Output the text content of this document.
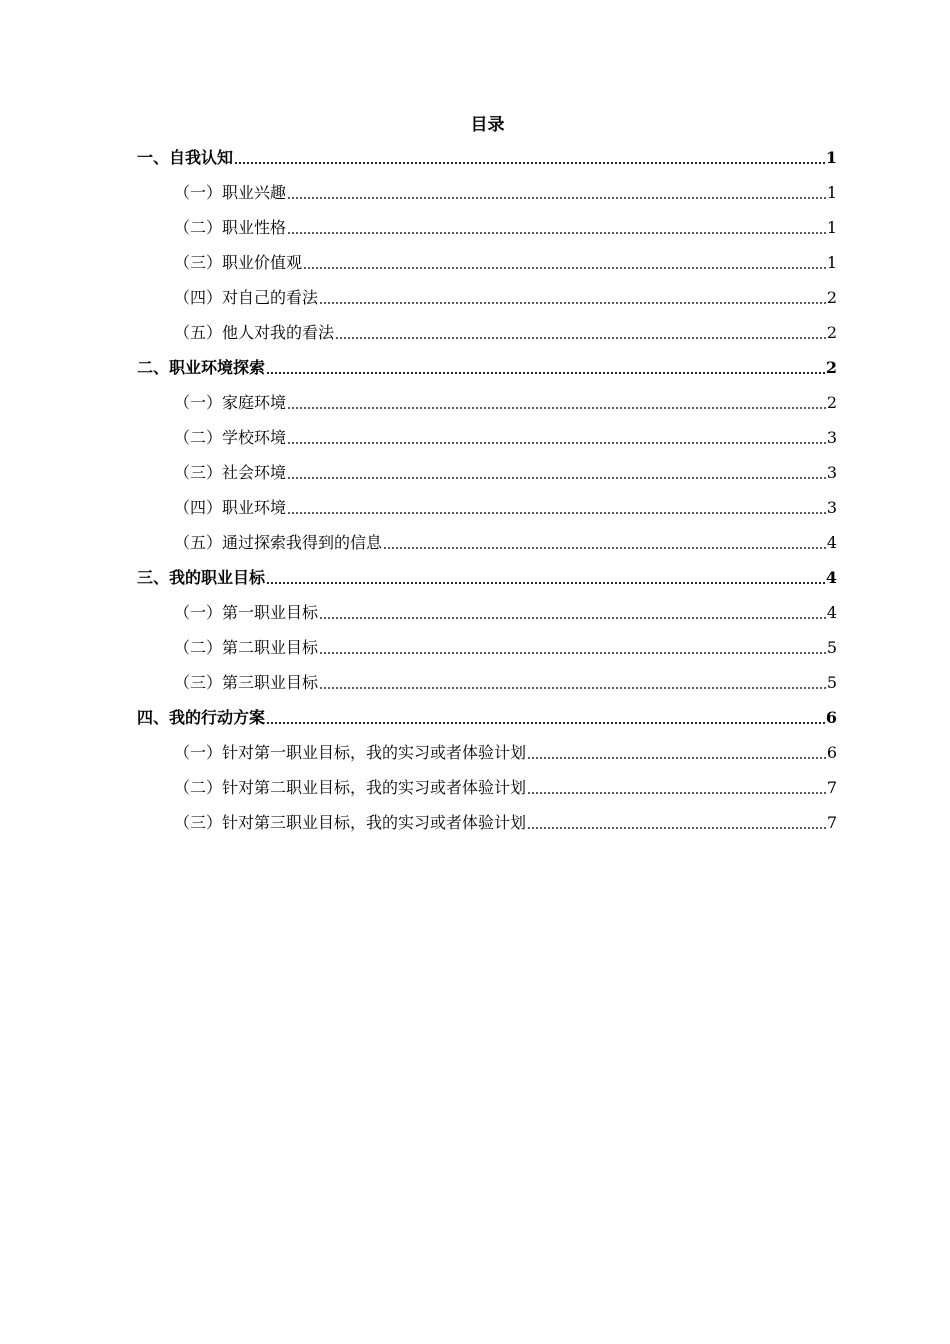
目录
一、自我认知	1
（一）职业兴趣	1
（二）职业性格	1
（三）职业价值观	1
（四）对自己的看法	2
（五）他人对我的看法	2
二、职业环境探索	2
（一）家庭环境	2
（二）学校环境	3
（三）社会环境	3
（四）职业环境	3
（五）通过探索我得到的信息	4
三、我的职业目标	4
（一）第一职业目标	4
（二）第二职业目标	5
（三）第三职业目标	5
四、我的行动方案	6
（一）针对第一职业目标，我的实习或者体验计划	6
（二）针对第二职业目标，我的实习或者体验计划	7
（三）针对第三职业目标，我的实习或者体验计划	7
